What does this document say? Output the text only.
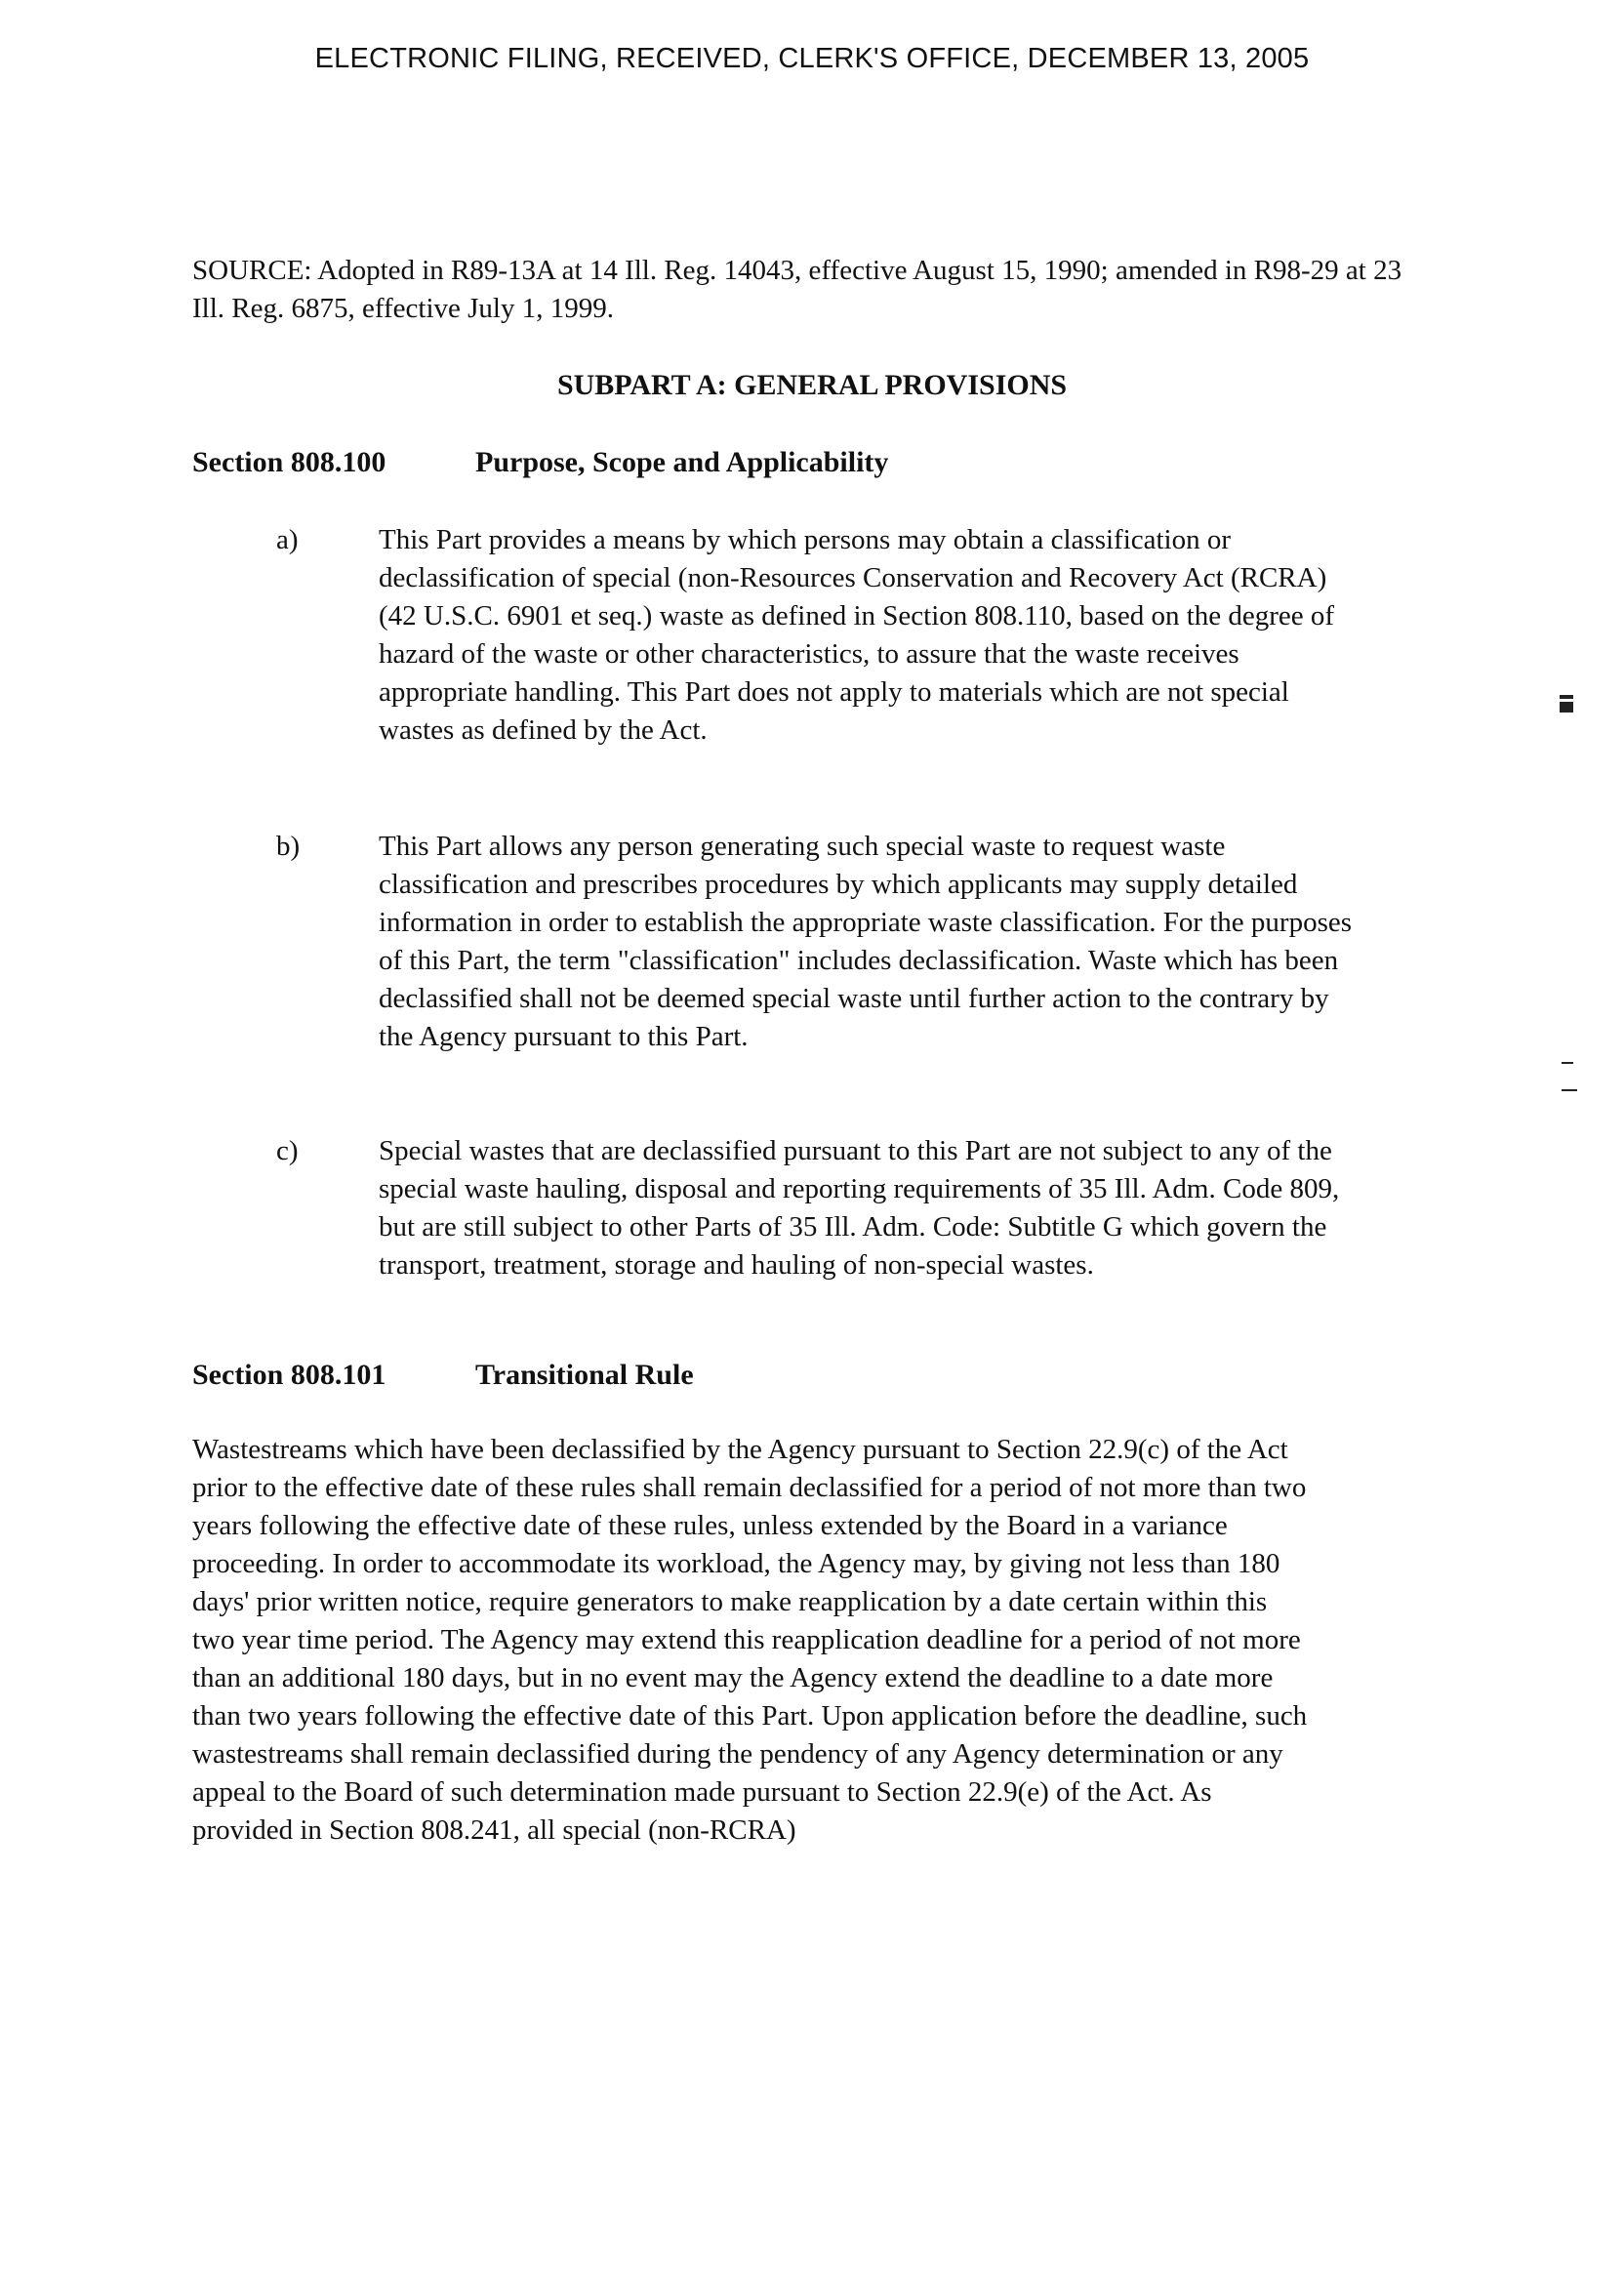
ELECTRONIC FILING, RECEIVED, CLERK'S OFFICE, DECEMBER 13, 2005
SOURCE: Adopted in R89-13A at 14 Ill. Reg. 14043, effective August 15, 1990; amended in R98-29 at 23 Ill. Reg. 6875, effective July 1, 1999.
SUBPART A: GENERAL PROVISIONS
Section 808.100	Purpose, Scope and Applicability
a)	This Part provides a means by which persons may obtain a classification or declassification of special (non-Resources Conservation and Recovery Act (RCRA) (42 U.S.C. 6901 et seq.) waste as defined in Section 808.110, based on the degree of hazard of the waste or other characteristics, to assure that the waste receives appropriate handling. This Part does not apply to materials which are not special wastes as defined by the Act.
b)	This Part allows any person generating such special waste to request waste classification and prescribes procedures by which applicants may supply detailed information in order to establish the appropriate waste classification. For the purposes of this Part, the term "classification" includes declassification. Waste which has been declassified shall not be deemed special waste until further action to the contrary by the Agency pursuant to this Part.
c)	Special wastes that are declassified pursuant to this Part are not subject to any of the special waste hauling, disposal and reporting requirements of 35 Ill. Adm. Code 809, but are still subject to other Parts of 35 Ill. Adm. Code: Subtitle G which govern the transport, treatment, storage and hauling of non-special wastes.
Section 808.101	Transitional Rule
Wastestreams which have been declassified by the Agency pursuant to Section 22.9(c) of the Act prior to the effective date of these rules shall remain declassified for a period of not more than two years following the effective date of these rules, unless extended by the Board in a variance proceeding. In order to accommodate its workload, the Agency may, by giving not less than 180 days' prior written notice, require generators to make reapplication by a date certain within this two year time period. The Agency may extend this reapplication deadline for a period of not more than an additional 180 days, but in no event may the Agency extend the deadline to a date more than two years following the effective date of this Part. Upon application before the deadline, such wastestreams shall remain declassified during the pendency of any Agency determination or any appeal to the Board of such determination made pursuant to Section 22.9(e) of the Act. As provided in Section 808.241, all special (non-RCRA)
